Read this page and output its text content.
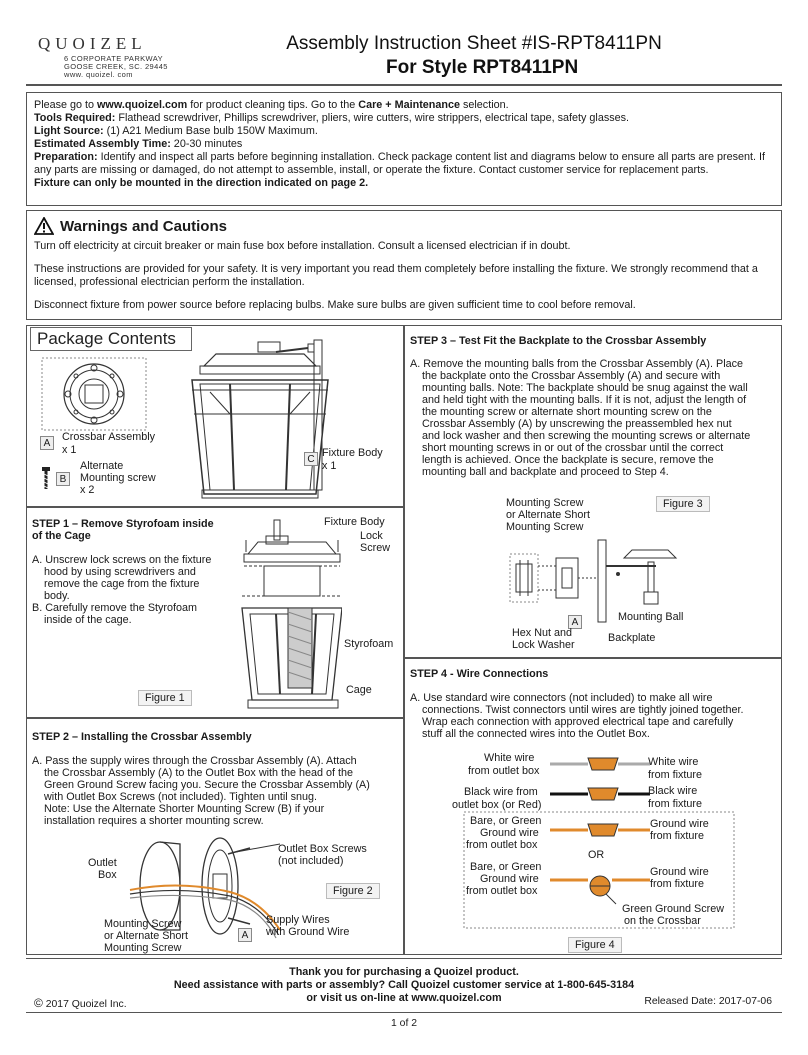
QUOIZEL
6 CORPORATE PARKWAY
GOOSE CREEK, SC. 29445
www. quoizel. com
Assembly Instruction Sheet #IS-RPT8411PN
For Style RPT8411PN

Please go to www.quoizel.com for product cleaning tips. Go to the Care + Maintenance selection.

Tools Required: Flathead screwdriver, Phillips screwdriver, pliers, wire cutters, wire strippers, electrical tape, safety glasses.

Light Source: (1) A21 Medium Base bulb 150W Maximum.

Estimated Assembly Time: 20-30 minutes

Preparation: Identify and inspect all parts before beginning installation. Check package content list and diagrams below to ensure all parts are present. If any parts are missing or damaged, do not attempt to assemble, install, or operate the fixture. Contact customer service for replacement parts.

Fixture can only be mounted in the direction indicated on page 2.

Warnings and Cautions

Turn off electricity at circuit breaker or main fuse box before installation. Consult a licensed electrician if in doubt.

These instructions are provided for your safety. It is very important you read them completely before installing the fixture. We strongly recommend that a licensed, professional electrician perform the installation.

Disconnect fixture from power source before replacing bulbs. Make sure bulbs are given sufficient time to cool before removal.

Package Contents
A
Crossbar Assembly
x 1
B
Alternate
Mounting screw
x 2
C
Fixture Body
x 1
STEP 1 – Remove Styrofoam inside
of the Cage
A. Unscrew lock screws on the fixture
hood by using screwdrivers and
remove the cage from the fixture
body.
B. Carefully remove the Styrofoam
inside of the cage.
Fixture Body
Lock
Screw
Styrofoam
Cage
Figure 1
STEP 2 – Installing the Crossbar Assembly
A. Pass the supply wires through the Crossbar Assembly (A). Attach
the Crossbar Assembly (A) to the Outlet Box with the head of the
Green Ground Screw facing you. Secure the Crossbar Assembly (A)
with Outlet Box Screws (not included). Tighten until snug.
Note: Use the Alternate Shorter Mounting Screw (B) if your
installation requires a shorter mounting screw.
Outlet
Box
Outlet Box Screws
(not included)
Mounting Screw
or Alternate Short
Mounting Screw
A
Supply Wires
with Ground Wire
Figure 2
STEP 3 – Test Fit the Backplate to the Crossbar Assembly
A. Remove the mounting balls from the Crossbar Assembly (A). Place
the backplate onto the Crossbar Assembly (A) and secure with
mounting balls. Note: The backplate should be snug against the wall
and held tight with the mounting balls. If it is not, adjust the length of
the mounting screw or alternate short mounting screw on the
Crossbar Assembly (A) by unscrewing the preassembled hex nut
and lock washer and then screwing the mounting screws or alternate
short mounting screws in or out of the crossbar until the correct
length is achieved. Once the backplate is secure, remove the
mounting ball and backplate and proceed to Step 4.
Mounting Screw
or Alternate Short
Mounting Screw
Figure 3
A
Hex Nut and
Lock Washer
Mounting Ball
Backplate
STEP 4 - Wire Connections
A. Use standard wire connectors (not included) to make all wire
connections. Twist connectors until wires are tightly joined together.
Wrap each connection with approved electrical tape and carefully
stuff all the connected wires into the Outlet Box.
White wire
from outlet box
White wire
from fixture
Black wire from
outlet box (or Red)
Black wire
from fixture
Bare, or Green
Ground wire
from outlet box
Ground wire
from fixture
OR
Bare, or Green
Ground wire
from outlet box
Ground wire
from fixture
Green Ground Screw
on the Crossbar
Figure 4
Thank you for purchasing a Quoizel product.
Need assistance with parts or assembly? Call Quoizel customer service at 1-800-645-3184
or visit us on-line at www.quoizel.com
© 2017 Quoizel Inc.	Released Date: 2017-07-06
1 of 2
